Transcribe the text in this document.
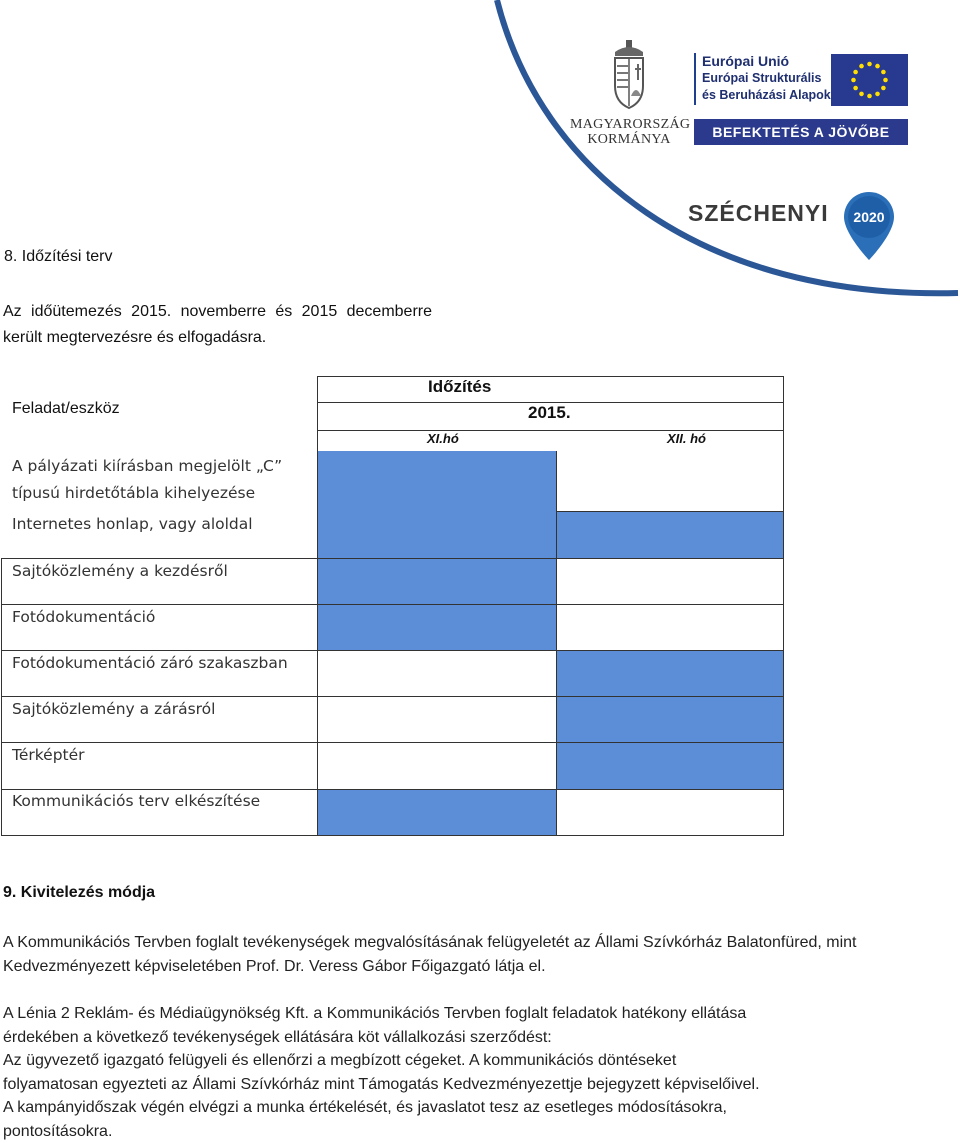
MAGYARORSZÁG
KORMÁNYA
Európai Unió
Európai Strukturális
és Beruházási Alapok
BEFEKTETÉS A JÖVŐBE
SZÉCHENYI 2020
8. Időzítési terv
Az időütemezés 2015. novemberre és 2015 decemberre került megtervezésre és elfogadásra.
Feladat/eszköz
Időzítés
2015.
XI.hó	XII. hó
A pályázati kiírásban megjelölt „C”
típusú hirdetőtábla kihelyezése
Internetes honlap, vagy aloldal
Sajtóközlemény a kezdésről
Fotódokumentáció
Fotódokumentáció záró szakaszban
Sajtóközlemény a zárásról
Térképtér
Kommunikációs terv elkészítése
9. Kivitelezés módja
A Kommunikációs Tervben foglalt tevékenységek megvalósításának felügyeletét az Állami Szívkórház Balatonfüred, mint Kedvezményezett képviseletében Prof. Dr. Veress Gábor Főigazgató látja el.
A Lénia 2 Reklám- és Médiaügynökség Kft. a Kommunikációs Tervben foglalt feladatok hatékony ellátása
érdekében a következő tevékenységek ellátására köt vállalkozási szerződést:
Az ügyvezető igazgató felügyeli és ellenőrzi a megbízott cégeket. A kommunikációs döntéseket
folyamatosan egyezteti az Állami Szívkórház mint Támogatás Kedvezményezettje bejegyzett képviselőivel.
A kampányidőszak végén elvégzi a munka értékelését, és javaslatot tesz az esetleges módosításokra,
pontosításokra.
